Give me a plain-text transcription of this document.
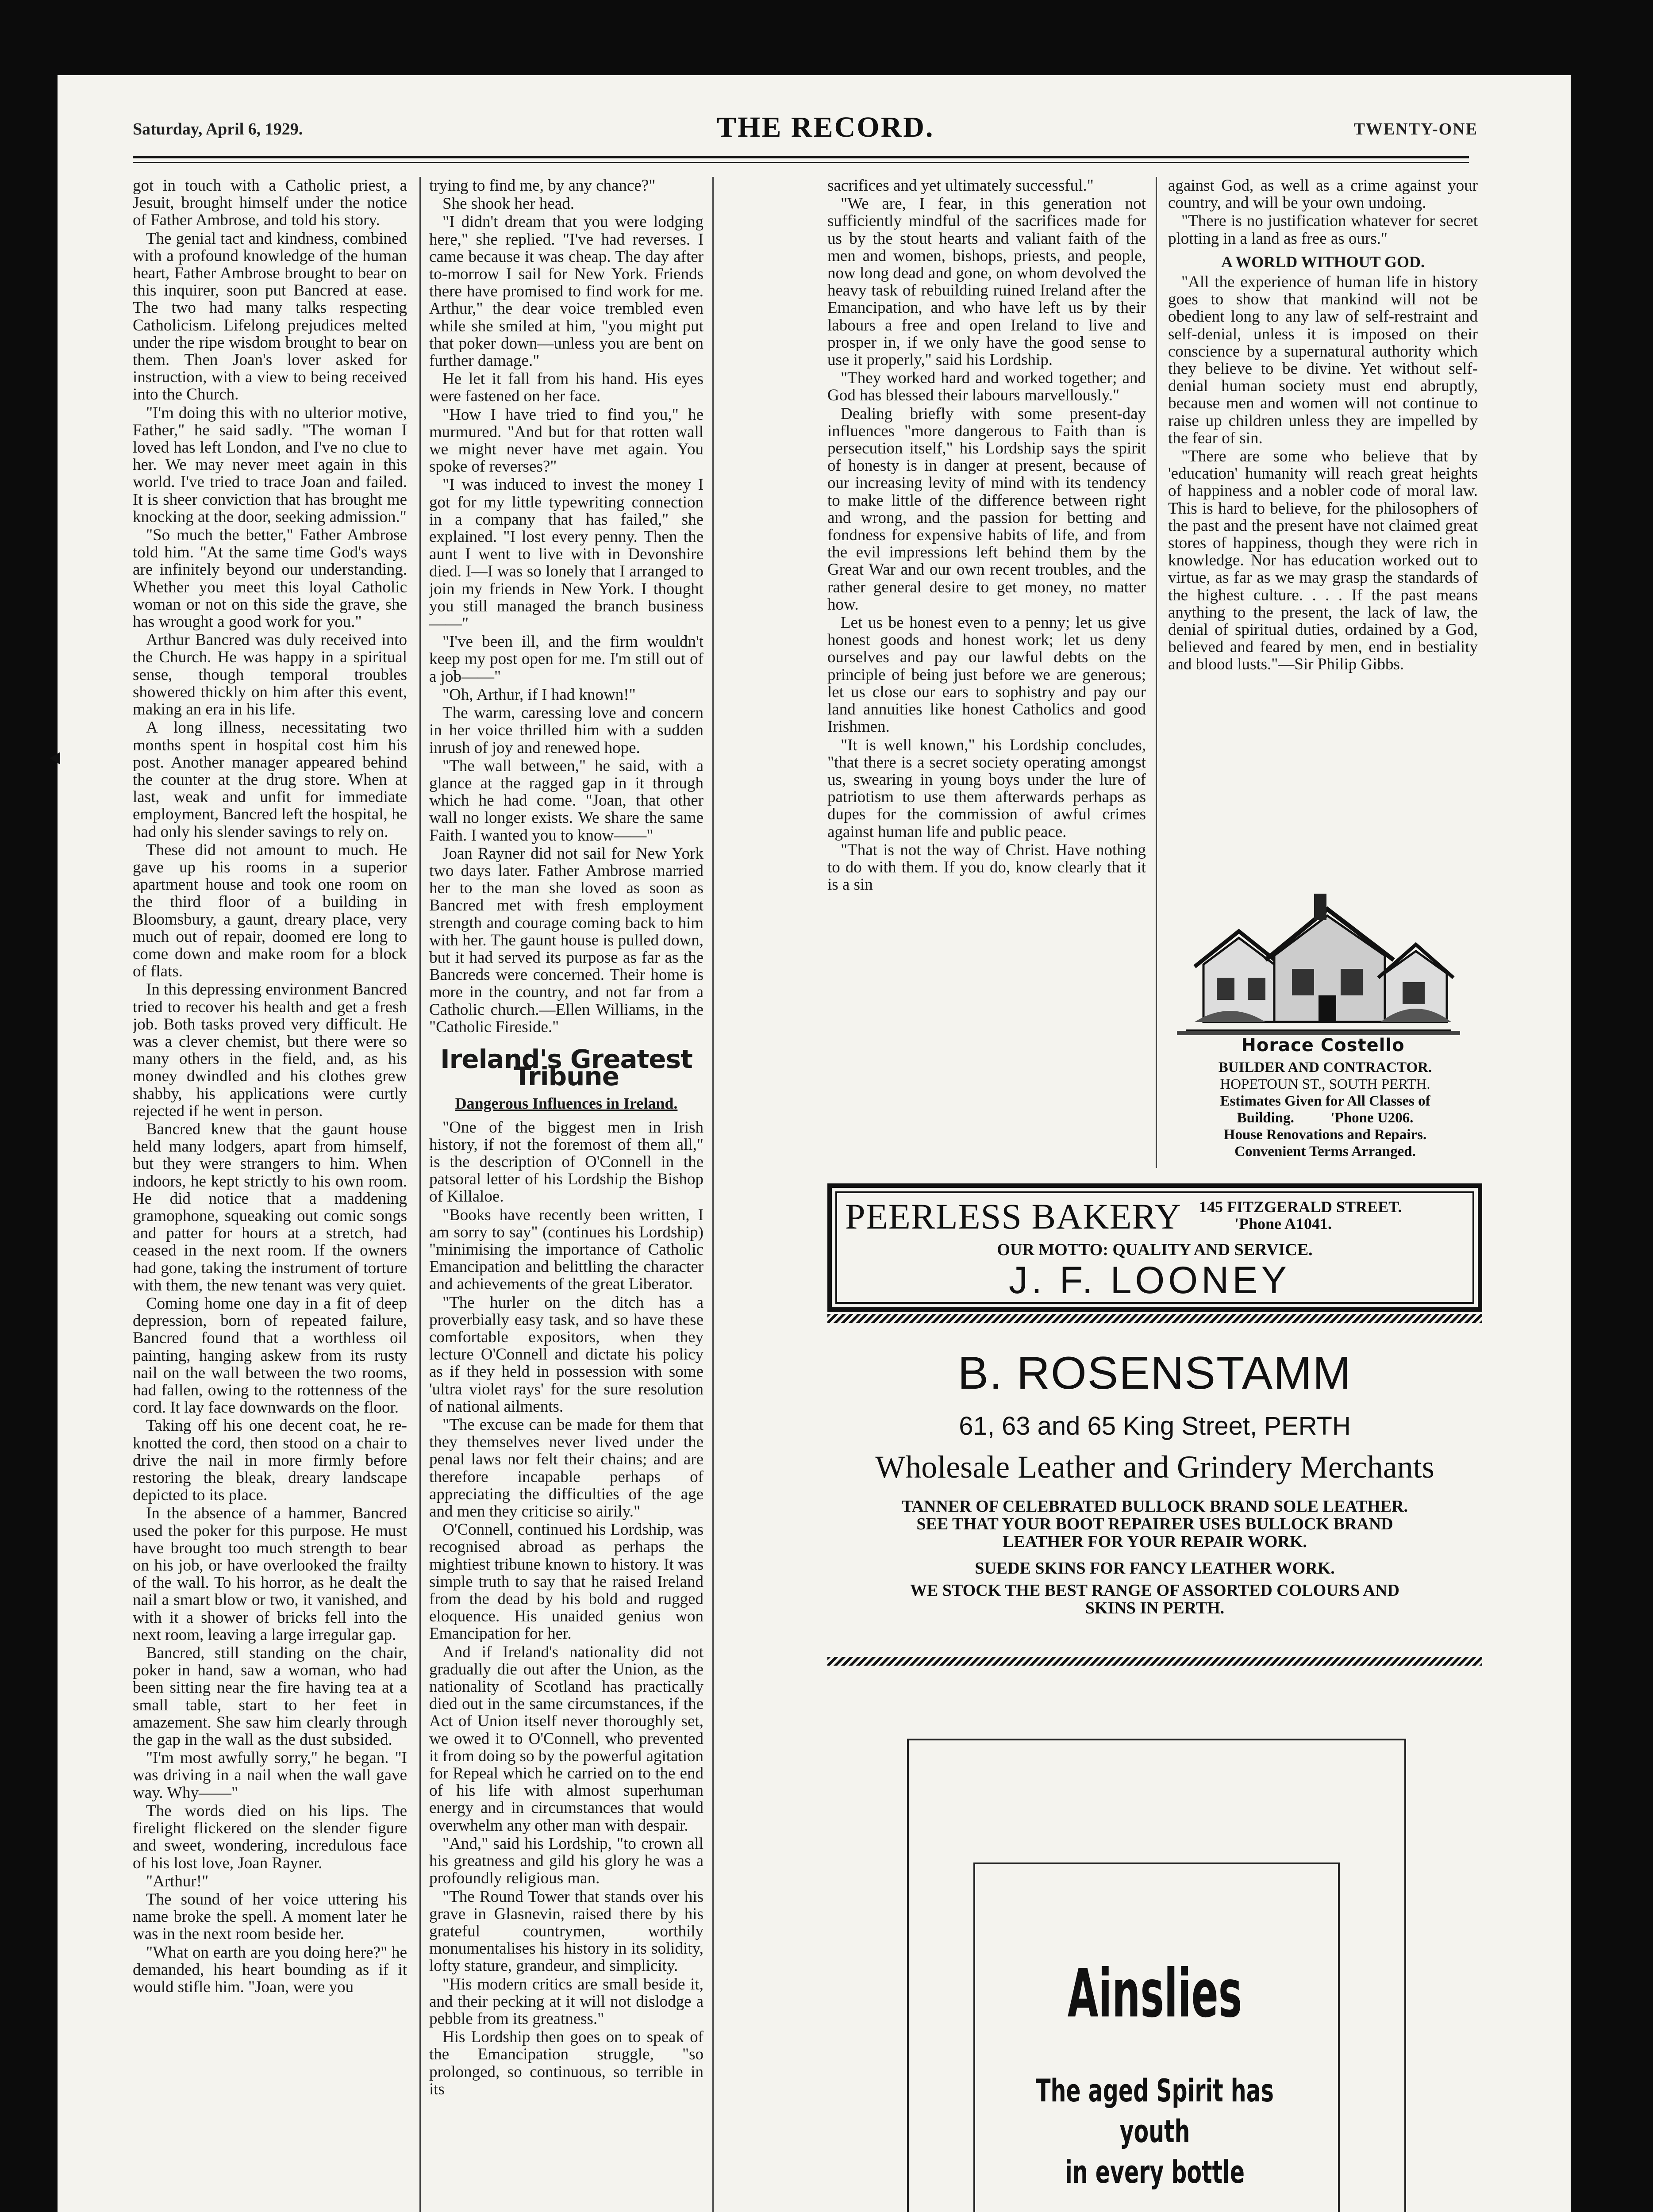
Saturday, April 6, 1929.	THE RECORD.	TWENTY-ONE

got in touch with a Catholic priest, a Jesuit, brought himself under the notice of Father Ambrose, and told his story.

The genial tact and kindness, combined with a profound knowledge of the human heart, Father Ambrose brought to bear on this inquirer, soon put Bancred at ease. The two had many talks respecting Catholicism. Lifelong prejudices melted under the ripe wisdom brought to bear on them. Then Joan's lover asked for instruction, with a view to being received into the Church.

"I'm doing this with no ulterior motive, Father," he said sadly. "The woman I loved has left London, and I've no clue to her. We may never meet again in this world. I've tried to trace Joan and failed. It is sheer conviction that has brought me knocking at the door, seeking admission."

"So much the better," Father Ambrose told him. "At the same time God's ways are infinitely beyond our understanding. Whether you meet this loyal Catholic woman or not on this side the grave, she has wrought a good work for you."

Arthur Bancred was duly received into the Church. He was happy in a spiritual sense, though temporal troubles showered thickly on him after this event, making an era in his life.

A long illness, necessitating two months spent in hospital cost him his post. Another manager appeared behind the counter at the drug store. When at last, weak and unfit for immediate employment, Bancred left the hospital, he had only his slender savings to rely on.

These did not amount to much. He gave up his rooms in a superior apartment house and took one room on the third floor of a building in Bloomsbury, a gaunt, dreary place, very much out of repair, doomed ere long to come down and make room for a block of flats.

In this depressing environment Bancred tried to recover his health and get a fresh job. Both tasks proved very difficult. He was a clever chemist, but there were so many others in the field, and, as his money dwindled and his clothes grew shabby, his applications were curtly rejected if he went in person.

Bancred knew that the gaunt house held many lodgers, apart from himself, but they were strangers to him. When indoors, he kept strictly to his own room. He did notice that a maddening gramophone, squeaking out comic songs and patter for hours at a stretch, had ceased in the next room. If the owners had gone, taking the instrument of torture with them, the new tenant was very quiet.

Coming home one day in a fit of deep depression, born of repeated failure, Bancred found that a worthless oil painting, hanging askew from its rusty nail on the wall between the two rooms, had fallen, owing to the rottenness of the cord. It lay face downwards on the floor.

Taking off his one decent coat, he re-knotted the cord, then stood on a chair to drive the nail in more firmly before restoring the bleak, dreary landscape depicted to its place.

In the absence of a hammer, Bancred used the poker for this purpose. He must have brought too much strength to bear on his job, or have overlooked the frailty of the wall. To his horror, as he dealt the nail a smart blow or two, it vanished, and with it a shower of bricks fell into the next room, leaving a large irregular gap.

Bancred, still standing on the chair, poker in hand, saw a woman, who had been sitting near the fire having tea at a small table, start to her feet in amazement. She saw him clearly through the gap in the wall as the dust subsided.

"I'm most awfully sorry," he began. "I was driving in a nail when the wall gave way. Why——"

The words died on his lips. The firelight flickered on the slender figure and sweet, wondering, incredulous face of his lost love, Joan Rayner.

"Arthur!"

The sound of her voice uttering his name broke the spell. A moment later he was in the next room beside her.

"What on earth are you doing here?" he demanded, his heart bounding as if it would stifle him. "Joan, were you

trying to find me, by any chance?"

She shook her head.

"I didn't dream that you were lodging here," she replied. "I've had reverses. I came because it was cheap. The day after to-morrow I sail for New York. Friends there have promised to find work for me. Arthur," the dear voice trembled even while she smiled at him, "you might put that poker down—unless you are bent on further damage."

He let it fall from his hand. His eyes were fastened on her face.

"How I have tried to find you," he murmured. "And but for that rotten wall we might never have met again. You spoke of reverses?"

"I was induced to invest the money I got for my little typewriting connection in a company that has failed," she explained. "I lost every penny. Then the aunt I went to live with in Devonshire died. I—I was so lonely that I arranged to join my friends in New York. I thought you still managed the branch business——"

"I've been ill, and the firm wouldn't keep my post open for me. I'm still out of a job——"

"Oh, Arthur, if I had known!"

The warm, caressing love and concern in her voice thrilled him with a sudden inrush of joy and renewed hope.

"The wall between," he said, with a glance at the ragged gap in it through which he had come. "Joan, that other wall no longer exists. We share the same Faith. I wanted you to know——"

Joan Rayner did not sail for New York two days later. Father Ambrose married her to the man she loved as soon as Bancred met with fresh employment strength and courage coming back to him with her. The gaunt house is pulled down, but it had served its purpose as far as the Bancreds were concerned. Their home is more in the country, and not far from a Catholic church.—Ellen Williams, in the "Catholic Fireside."

Ireland's Greatest Tribune
Dangerous Influences in Ireland.

"One of the biggest men in Irish history, if not the foremost of them all," is the description of O'Connell in the patsoral letter of his Lordship the Bishop of Killaloe.

"Books have recently been written, I am sorry to say" (continues his Lordship) "minimising the importance of Catholic Emancipation and belittling the character and achievements of the great Liberator.

"The hurler on the ditch has a proverbially easy task, and so have these comfortable expositors, when they lecture O'Connell and dictate his policy as if they held in possession with some 'ultra violet rays' for the sure resolution of national ailments.

"The excuse can be made for them that they themselves never lived under the penal laws nor felt their chains; and are therefore incapable perhaps of appreciating the difficulties of the age and men they criticise so airily."

O'Connell, continued his Lordship, was recognised abroad as perhaps the mightiest tribune known to history. It was simple truth to say that he raised Ireland from the dead by his bold and rugged eloquence. His unaided genius won Emancipation for her.

And if Ireland's nationality did not gradually die out after the Union, as the nationality of Scotland has practically died out in the same circumstances, if the Act of Union itself never thoroughly set, we owed it to O'Connell, who prevented it from doing so by the powerful agitation for Repeal which he carried on to the end of his life with almost superhuman energy and in circumstances that would overwhelm any other man with despair.

"And," said his Lordship, "to crown all his greatness and gild his glory he was a profoundly religious man.

"The Round Tower that stands over his grave in Glasnevin, raised there by his grateful countrymen, worthily monumentalises his history in its solidity, lofty stature, grandeur, and simplicity.

"His modern critics are small beside it, and their pecking at it will not dislodge a pebble from its greatness."

His Lordship then goes on to speak of the Emancipation struggle, "so prolonged, so continuous, so terrible in its

sacrifices and yet ultimately successful."

"We are, I fear, in this generation not sufficiently mindful of the sacrifices made for us by the stout hearts and valiant faith of the men and women, bishops, priests, and people, now long dead and gone, on whom devolved the heavy task of rebuilding ruined Ireland after the Emancipation, and who have left us by their labours a free and open Ireland to live and prosper in, if we only have the good sense to use it properly," said his Lordship.

"They worked hard and worked together; and God has blessed their labours marvellously."

Dealing briefly with some present-day influences "more dangerous to Faith than is persecution itself," his Lordship says the spirit of honesty is in danger at present, because of our increasing levity of mind with its tendency to make little of the difference between right and wrong, and the passion for betting and fondness for expensive habits of life, and from the evil impressions left behind them by the Great War and our own recent troubles, and the rather general desire to get money, no matter how.

Let us be honest even to a penny; let us give honest goods and honest work; let us deny ourselves and pay our lawful debts on the principle of being just before we are generous; let us close our ears to sophistry and pay our land annuities like honest Catholics and good Irishmen.

"It is well known," his Lordship concludes, "that there is a secret society operating amongst us, swearing in young boys under the lure of patriotism to use them afterwards perhaps as dupes for the commission of awful crimes against human life and public peace.

"That is not the way of Christ. Have nothing to do with them. If you do, know clearly that it is a sin

against God, as well as a crime against your country, and will be your own undoing.

"There is no justification whatever for secret plotting in a land as free as ours."

A WORLD WITHOUT GOD.

"All the experience of human life in history goes to show that mankind will not be obedient long to any law of self-restraint and self-denial, unless it is imposed on their conscience by a supernatural authority which they believe to be divine. Yet without self-denial human society must end abruptly, because men and women will not continue to raise up children unless they are impelled by the fear of sin.

"There are some who believe that by 'education' humanity will reach great heights of happiness and a nobler code of moral law. This is hard to believe, for the philosophers of the past and the present have not claimed great stores of happiness, though they were rich in knowledge. Nor has education worked out to virtue, as far as we may grasp the standards of the highest culture. . . . If the past means anything to the present, the lack of law, the denial of spiritual duties, ordained by a God, believed and feared by men, end in bestiality and blood lusts."—Sir Philip Gibbs.

Horace Costello
BUILDER AND CONTRACTOR.
HOPETOUN ST., SOUTH PERTH.
Estimates Given for All Classes of
Building.          'Phone U206.
House Renovations and Repairs.
Convenient Terms Arranged.
PEERLESS BAKERY 145 FITZGERALD STREET.
'Phone A1041.
OUR MOTTO: QUALITY AND SERVICE.
J. F. LOONEY
B. ROSENSTAMM
61, 63 and 65 King Street, PERTH
Wholesale Leather and Grindery Merchants
TANNER OF CELEBRATED BULLOCK BRAND SOLE LEATHER.
SEE THAT YOUR BOOT REPAIRER USES BULLOCK BRAND
LEATHER FOR YOUR REPAIR WORK.
SUEDE SKINS FOR FANCY LEATHER WORK.
WE STOCK THE BEST RANGE OF ASSORTED COLOURS AND
SKINS IN PERTH.
Ainslies
The aged Spirit has youth
in every bottle
